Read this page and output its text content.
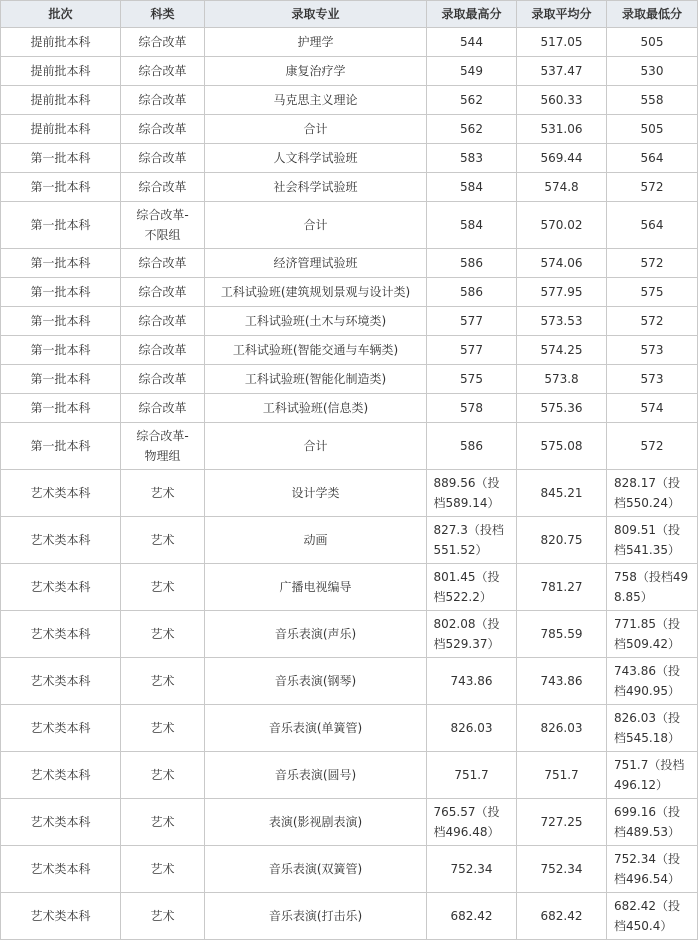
批次	科类	录取专业	录取最高分	录取平均分	录取最低分
提前批本科	综合改革	护理学	544	517.05	505
提前批本科	综合改革	康复治疗学	549	537.47	530
提前批本科	综合改革	马克思主义理论	562	560.33	558
提前批本科	综合改革	合计	562	531.06	505
第一批本科	综合改革	人文科学试验班	583	569.44	564
第一批本科	综合改革	社会科学试验班	584	574.8	572
第一批本科	综合改革-不限组	合计	584	570.02	564
第一批本科	综合改革	经济管理试验班	586	574.06	572
第一批本科	综合改革	工科试验班(建筑规划景观与设计类)	586	577.95	575
第一批本科	综合改革	工科试验班(土木与环境类)	577	573.53	572
第一批本科	综合改革	工科试验班(智能交通与车辆类)	577	574.25	573
第一批本科	综合改革	工科试验班(智能化制造类)	575	573.8	573
第一批本科	综合改革	工科试验班(信息类)	578	575.36	574
第一批本科	综合改革-物理组	合计	586	575.08	572
艺术类本科	艺术	设计学类	889.56（投档589.14）	845.21	828.17（投档550.24）
艺术类本科	艺术	动画	827.3（投档551.52）	820.75	809.51（投档541.35）
艺术类本科	艺术	广播电视编导	801.45（投档522.2）	781.27	758（投档498.85）
艺术类本科	艺术	音乐表演(声乐)	802.08（投档529.37）	785.59	771.85（投档509.42）
艺术类本科	艺术	音乐表演(钢琴)	743.86	743.86	743.86（投档490.95）
艺术类本科	艺术	音乐表演(单簧管)	826.03	826.03	826.03（投档545.18）
艺术类本科	艺术	音乐表演(圆号)	751.7	751.7	751.7（投档496.12）
艺术类本科	艺术	表演(影视剧表演)	765.57（投档496.48）	727.25	699.16（投档489.53）
艺术类本科	艺术	音乐表演(双簧管)	752.34	752.34	752.34（投档496.54）
艺术类本科	艺术	音乐表演(打击乐)	682.42	682.42	682.42（投档450.4）
